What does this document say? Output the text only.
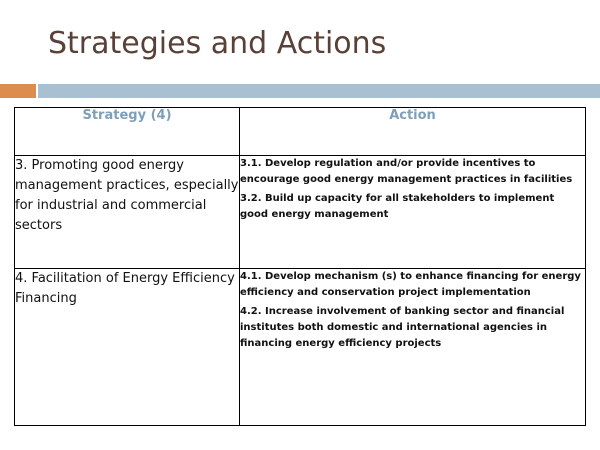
Strategies and Actions
Strategy (4)	Action
3. Promoting good energy management practices, especially for industrial and commercial sectors	3.1. Develop regulation and/or provide incentives to encourage good energy management practices in facilities

3.2. Build up capacity for all stakeholders to implement good energy management

4. Facilitation of Energy Efficiency Financing	4.1. Develop mechanism (s) to enhance financing for energy efficiency and conservation project implementation

4.2. Increase involvement of banking sector and financial institutes both domestic and international agencies in financing energy efficiency projects
